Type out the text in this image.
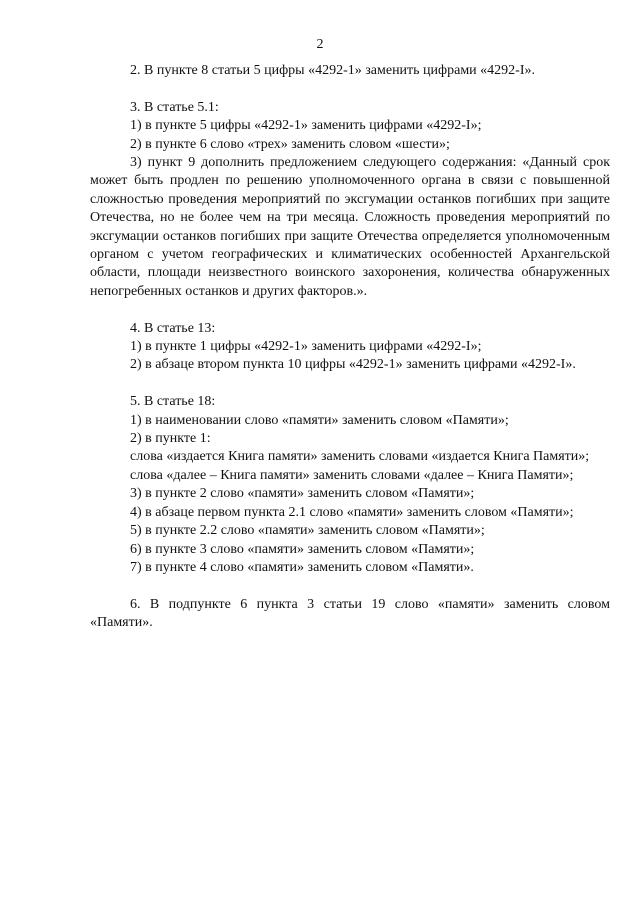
2

2. В пункте 8 статьи 5 цифры «4292-1» заменить цифрами «4292-I».

3. В статье 5.1:

1) в пункте 5 цифры «4292-1» заменить цифрами «4292-I»;

2) в пункте 6 слово «трех» заменить словом «шести»;

3) пункт 9 дополнить предложением следующего содержания: «Данный срок может быть продлен по решению уполномоченного органа в связи с повышенной сложностью проведения мероприятий по эксгумации останков погибших при защите Отечества, но не более чем на три месяца. Сложность проведения мероприятий по эксгумации останков погибших при защите Отечества определяется уполномоченным органом с учетом географических и климатических особенностей Архангельской области, площади неизвестного воинского захоронения, количества обнаруженных непогребенных останков и других факторов.».

4. В статье 13:

1) в пункте 1 цифры «4292-1» заменить цифрами «4292-I»;

2) в абзаце втором пункта 10 цифры «4292-1» заменить цифрами «4292-I».

5. В статье 18:

1) в наименовании слово «памяти» заменить словом «Памяти»;

2) в пункте 1:

слова «издается Книга памяти» заменить словами «издается Книга Памяти»;

слова «далее – Книга памяти» заменить словами «далее – Книга Памяти»;

3) в пункте 2 слово «памяти» заменить словом «Памяти»;

4) в абзаце первом пункта 2.1 слово «памяти» заменить словом «Памяти»;

5) в пункте 2.2 слово «памяти» заменить словом «Памяти»;

6) в пункте 3 слово «памяти» заменить словом «Памяти»;

7) в пункте 4 слово «памяти» заменить словом «Памяти».

6. В подпункте 6 пункта 3 статьи 19 слово «памяти» заменить словом «Памяти».
